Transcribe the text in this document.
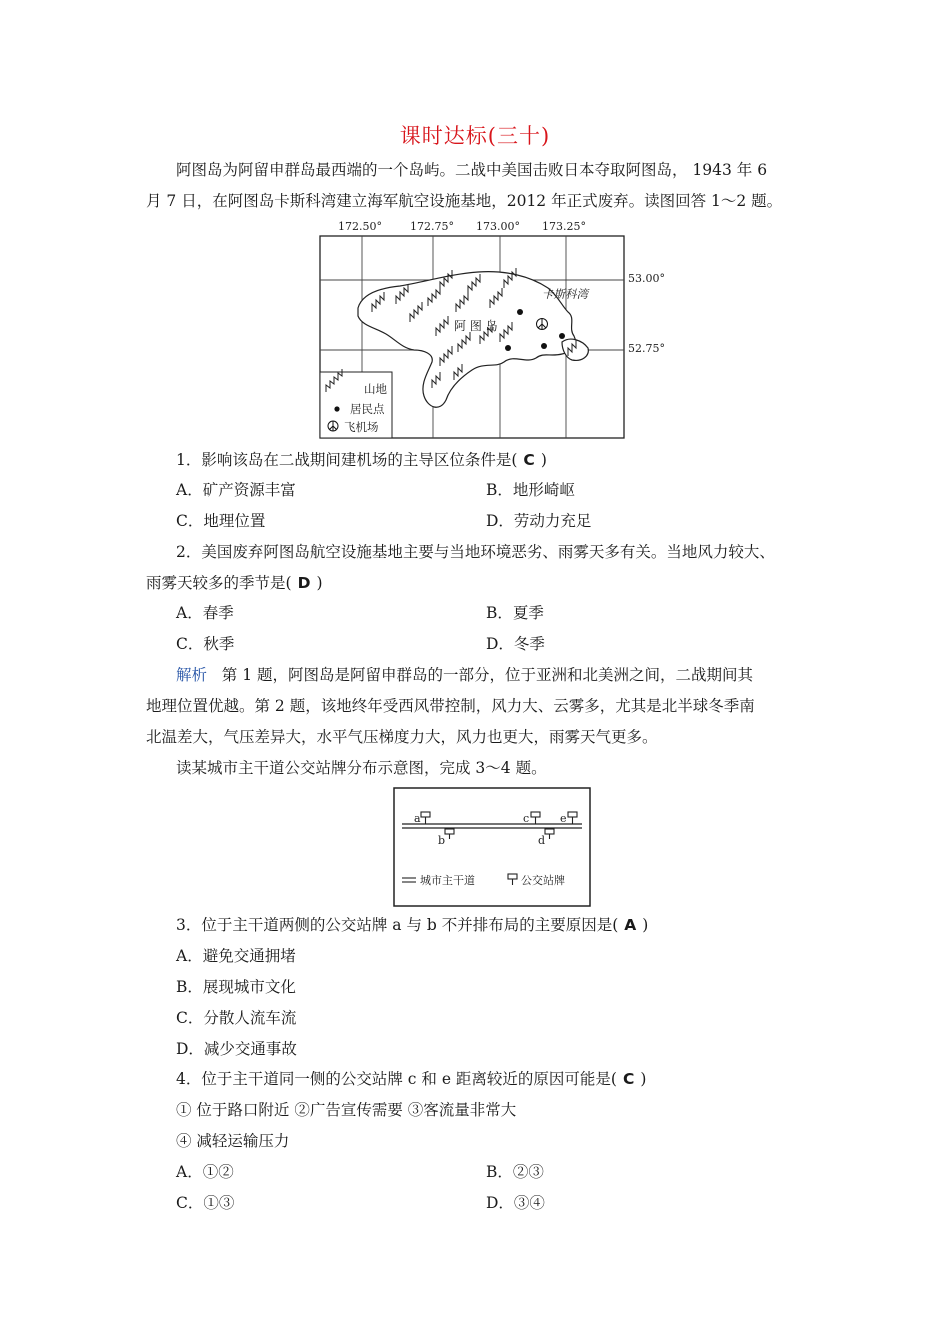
课时达标(三十)
阿图岛为阿留申群岛最西端的一个岛屿。二战中美国击败日本夺取阿图岛， 1943 年 6
月 7 日，在阿图岛卡斯科湾建立海军航空设施基地，2012 年正式废弃。读图回答 1～2 题。
172.50°	172.75° 173.00° 173.25°
53.00°
52.75°
阿 图 岛
卡斯科湾
山地
居民点
飞机场
1．影响该岛在二战期间建机场的主导区位条件是( C )
A．矿产资源丰富	B．地形崎岖
C．地理位置	D．劳动力充足
2．美国废弃阿图岛航空设施基地主要与当地环境恶劣、雨雾天多有关。当地风力较大、
雨雾天较多的季节是( D )
A．春季	B．夏季
C．秋季	D．冬季
解析 第 1 题，阿图岛是阿留申群岛的一部分，位于亚洲和北美洲之间，二战期间其
地理位置优越。第 2 题，该地终年受西风带控制，风力大、云雾多，尤其是北半球冬季南
北温差大，气压差异大，水平气压梯度力大，风力也更大，雨雾天气更多。
读某城市主干道公交站牌分布示意图，完成 3～4 题。
a
b
c
d
e
城市主干道	公交站牌
3．位于主干道两侧的公交站牌 a 与 b 不并排布局的主要原因是( A )
A．避免交通拥堵
B．展现城市文化
C．分散人流车流
D．减少交通事故
4．位于主干道同一侧的公交站牌 c 和 e 距离较近的原因可能是( C )
① 位于路口附近 ②广告宣传需要 ③客流量非常大
④ 减轻运输压力
A．①②	B．②③
C．①③	D．③④
